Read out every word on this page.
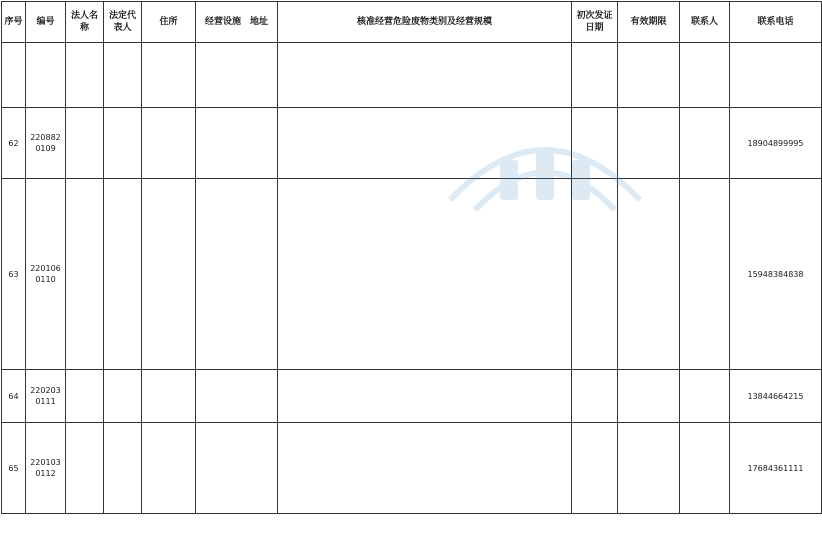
序号	编号	法人名称	法定代表人	住所	经营设施　地址	核准经营危险废物类别及经营规模	初次发证日期	有效期限	联系人	联系电话

62	2208820109									18904899995
63	2201060110									15948384838
64	2202030111									13844664215
65	2201030112									17684361111
